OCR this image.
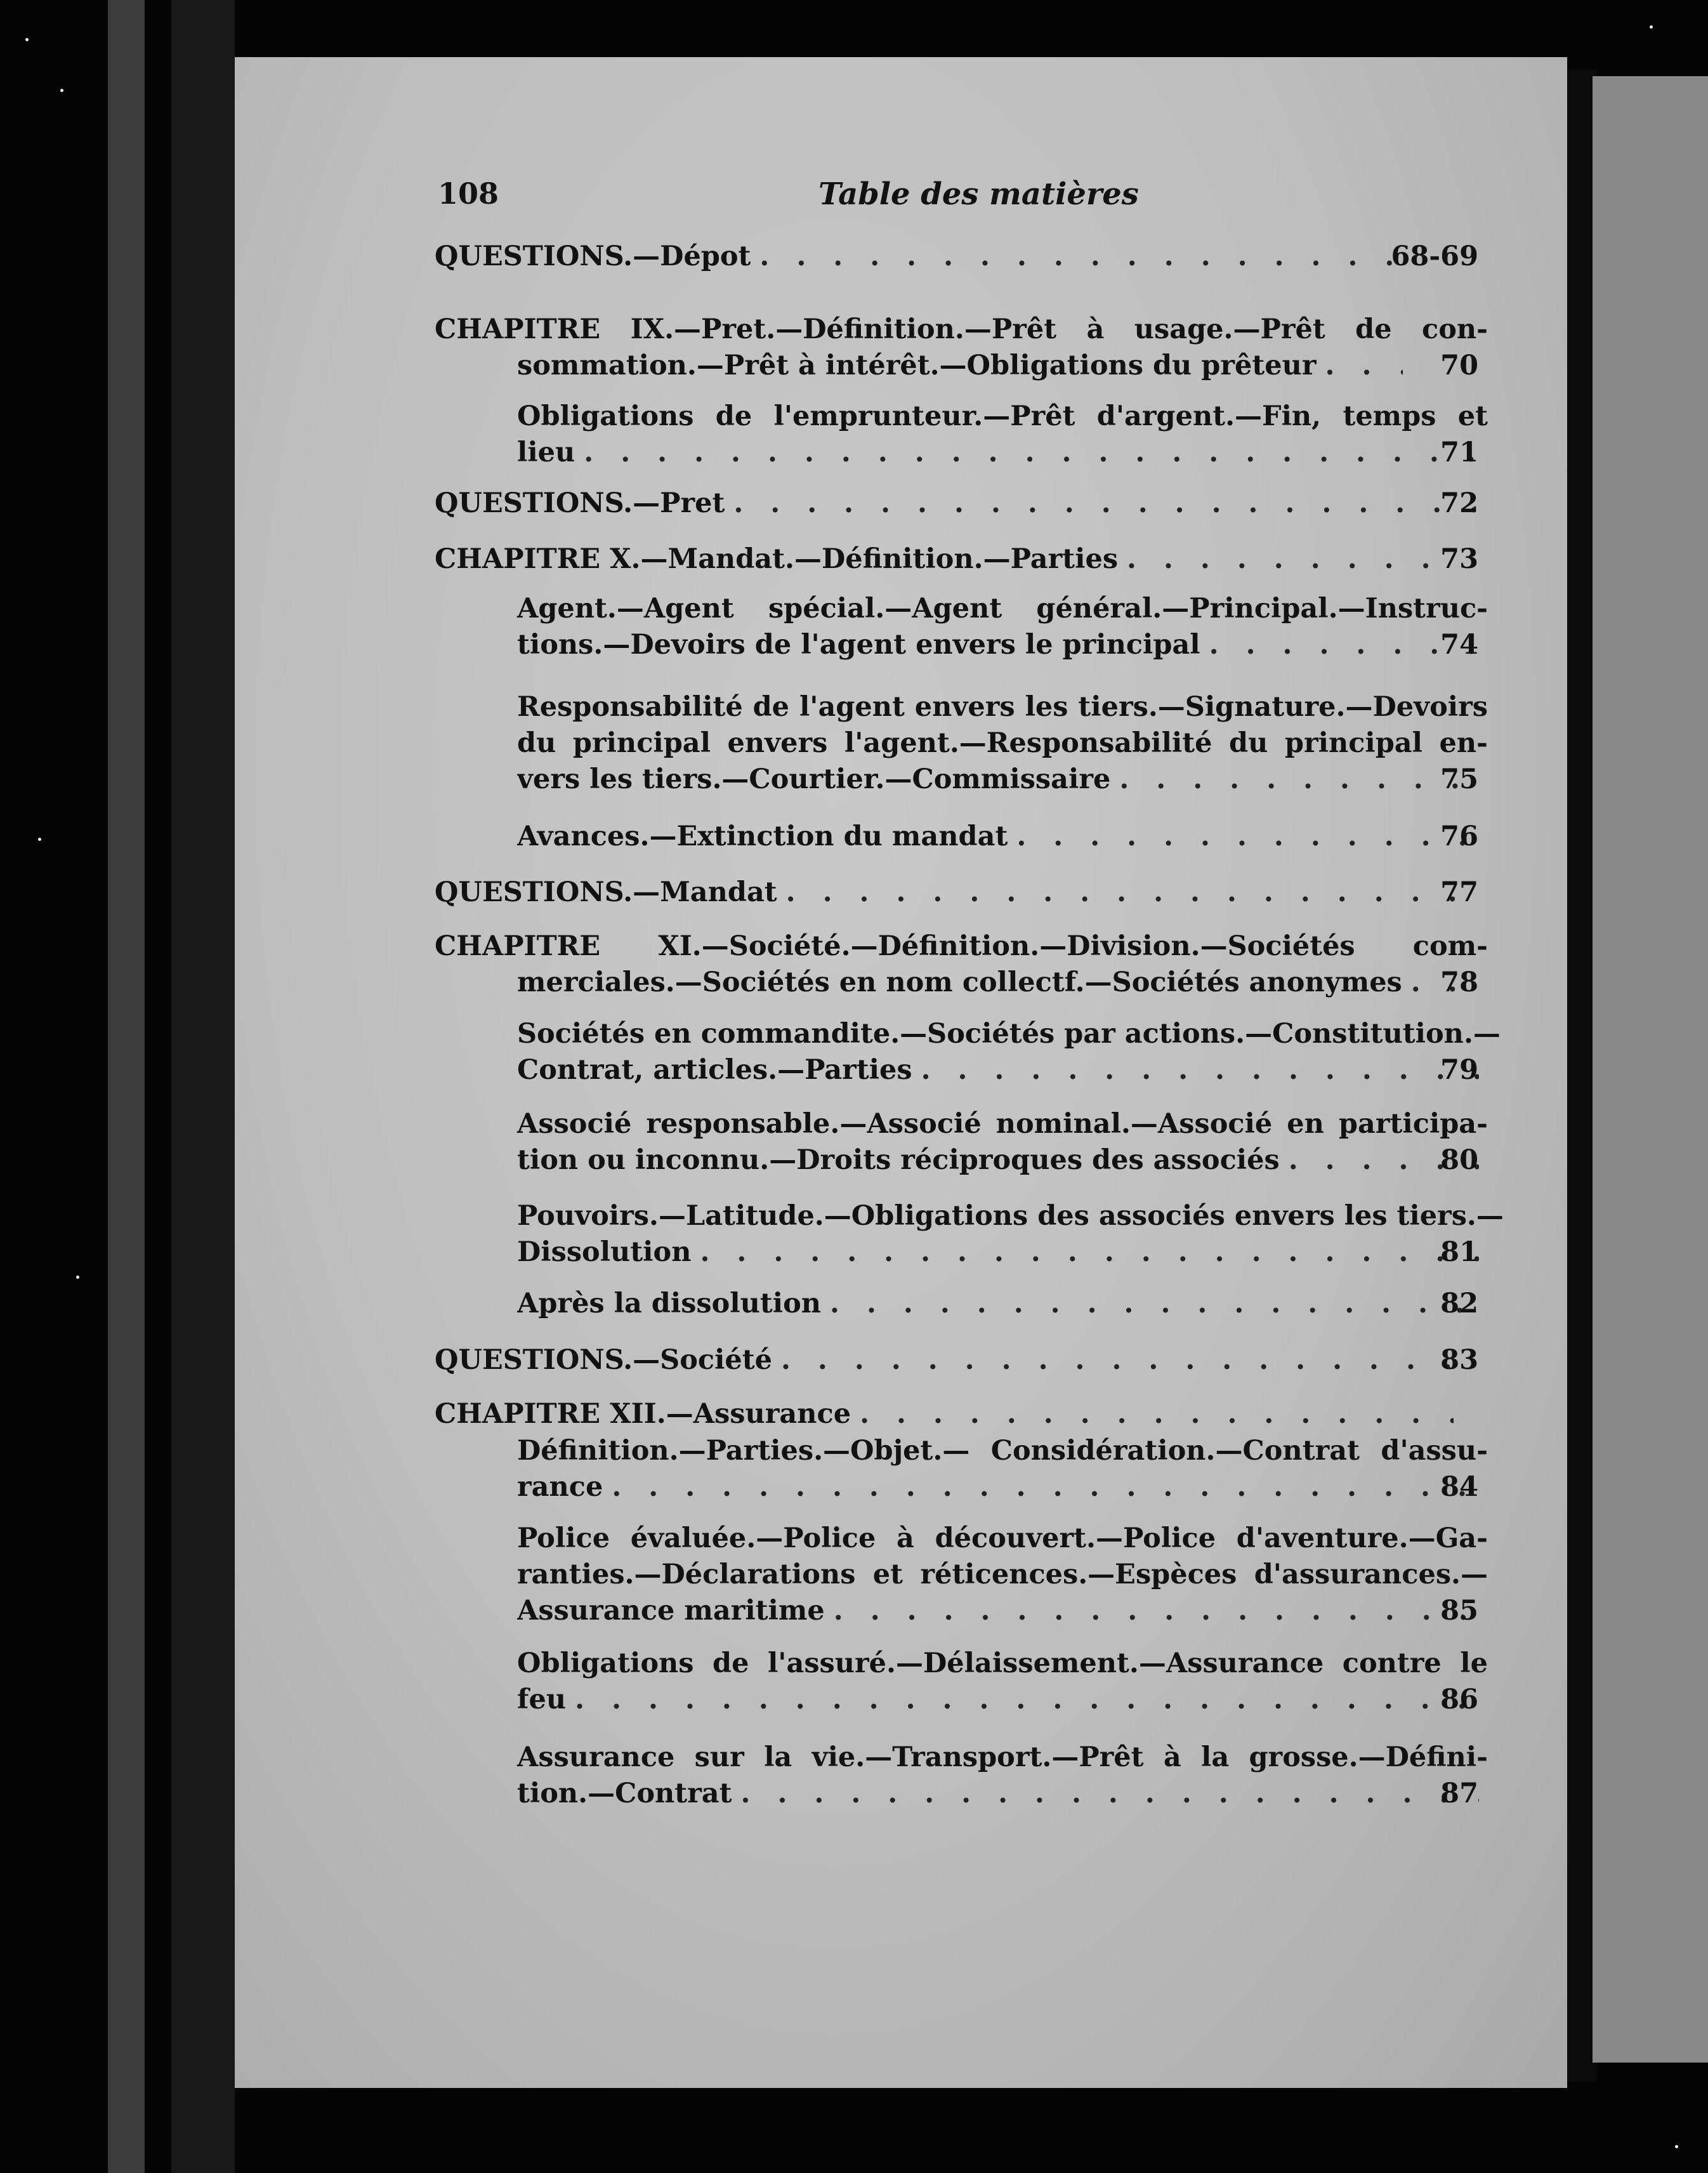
108	Table des matières
QUESTIONS.—Dépot . . .	68-69
CHAPITRE IX.—Pret.—Définition.—Prêt à usage.—Prêt de con-
sommation.—Prêt à intérêt.—Obligations du prêteur . . .	70
Obligations de l'emprunteur.—Prêt d'argent.—Fin, temps et
lieu . . .	71
QUESTIONS.—Pret . . .	72
CHAPITRE X.—Mandat.—Définition.—Parties . . .	73
Agent.—Agent spécial.—Agent général.—Principal.—Instruc-
tions.—Devoirs de l'agent envers le principal . . .	74
Responsabilité de l'agent envers les tiers.—Signature.—Devoirs
du principal envers l'agent.—Responsabilité du principal en-
vers les tiers.—Courtier.—Commissaire . . .	75
Avances.—Extinction du mandat . . .	76
QUESTIONS.—Mandat . . .	77
CHAPITRE XI.—Société.—Définition.—Division.—Sociétés com-
merciales.—Sociétés en nom collectf.—Sociétés anonymes . . .	78
Sociétés en commandite.—Sociétés par actions.—Constitution.—
Contrat, articles.—Parties . . .	79
Associé responsable.—Associé nominal.—Associé en participa-
tion ou inconnu.—Droits réciproques des associés . . .	80
Pouvoirs.—Latitude.—Obligations des associés envers les tiers.—
Dissolution . . .	81
Après la dissolution . . .	82
QUESTIONS.—Société . . .	83
CHAPITRE XII.—Assurance
. . .
Définition.—Parties.—Objet.— Considération.—Contrat d'assu-
rance . . .	84
Police évaluée.—Police à découvert.—Police d'aventure.—Ga-
ranties.—Déclarations et réticences.—Espèces d'assurances.—
Assurance maritime . . .	85
Obligations de l'assuré.—Délaissement.—Assurance contre le
feu . . .	86
Assurance sur la vie.—Transport.—Prêt à la grosse.—Défini-
tion.—Contrat . . .	87
